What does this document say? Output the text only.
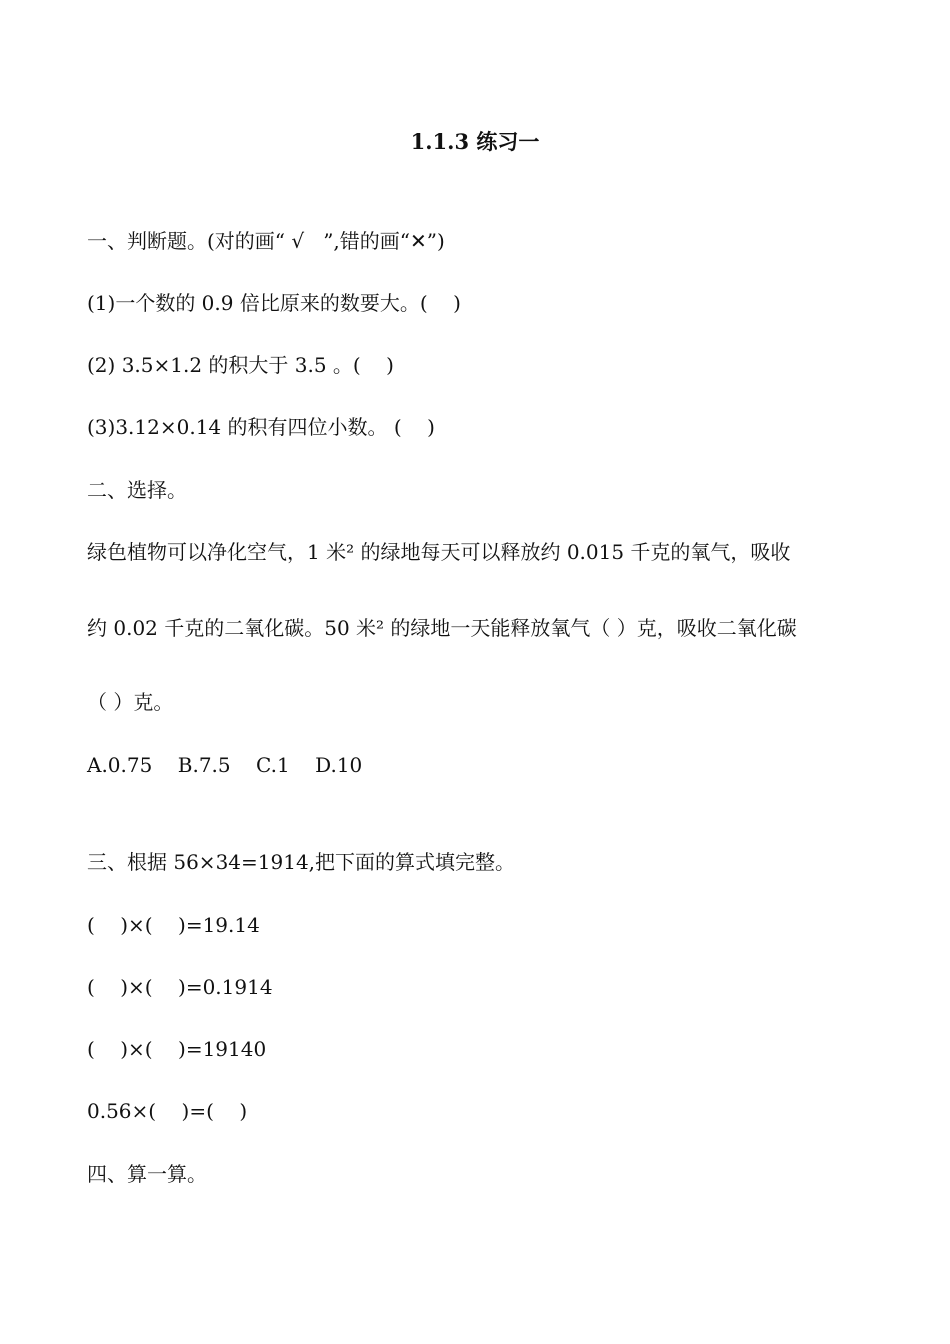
1.1.3 练习一
一、判断题。(对的画“ √   ”,错的画“✕”)
(1)一个数的 0.9 倍比原来的数要大。(    )
(2) 3.5×1.2 的积大于 3.5 。(    )
(3)3.12×0.14 的积有四位小数。 (    )
二、选择。
绿色植物可以净化空气，1 米² 的绿地每天可以释放约 0.015 千克的氧气，吸收
约 0.02 千克的二氧化碳。50 米² 的绿地一天能释放氧气（ ）克，吸收二氧化碳
（ ）克。
A.0.75    B.7.5    C.1    D.10
三、根据 56×34=1914,把下面的算式填完整。
(    )×(    )=19.14
(    )×(    )=0.1914
(    )×(    )=19140
0.56×(    )=(    )
四、算一算。
